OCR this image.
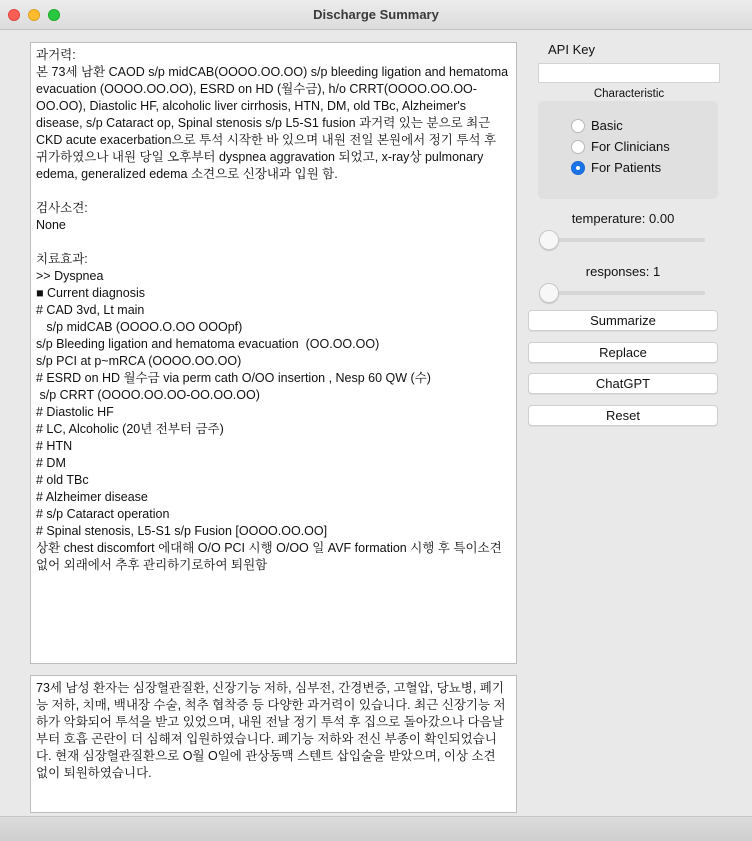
Discharge Summary
과거력:
본 73세 남환 CAOD s/p midCAB(OOOO.OO.OO) s/p bleeding ligation and hematoma evacuation (OOOO.OO.OO), ESRD on HD (월수금), h/o CRRT(OOOO.OO.OO-OO.OO), Diastolic HF, alcoholic liver cirrhosis, HTN, DM, old TBc, Alzheimer's disease, s/p Cataract op, Spinal stenosis s/p L5-S1 fusion 과거력 있는 분으로 최근 CKD acute exacerbation으로 투석 시작한 바 있으며 내원 전일 본원에서 정기 투석 후 귀가하였으나 내원 당일 오후부터 dyspnea aggravation 되었고, x-ray상 pulmonary edema, generalized edema 소견으로 신장내과 입원 함.

검사소견:
None

치료효과:
>> Dyspnea
■ Current diagnosis
# CAD 3vd, Lt main
s/p midCAB (OOOO.O.OO OOOpf)
s/p Bleeding ligation and hematoma evacuation  (OO.OO.OO)
s/p PCI at p~mRCA (OOOO.OO.OO)
# ESRD on HD 월수금 via perm cath O/OO insertion , Nesp 60 QW (수)
s/p CRRT (OOOO.OO.OO-OO.OO.OO)
# Diastolic HF
# LC, Alcoholic (20년 전부터 금주)
# HTN
# DM
# old TBc
# Alzheimer disease
# s/p Cataract operation
# Spinal stenosis, L5-S1 s/p Fusion [OOOO.OO.OO]
상환 chest discomfort 에대해 O/O PCI 시행 O/OO 일 AVF formation 시행 후 특이소견없어 외래에서 추후 관리하기로하여 퇴원함
73세 남성 환자는 심장혈관질환, 신장기능 저하, 심부전, 간경변증, 고혈압, 당뇨병, 폐기능 저하, 치매, 백내장 수술, 척추 협착증 등 다양한 과거력이 있습니다. 최근 신장기능 저하가 악화되어 투석을 받고 있었으며, 내원 전날 정기 투석 후 집으로 돌아갔으나 다음날부터 호흡 곤란이 더 심해져 입원하였습니다. 폐기능 저하와 전신 부종이 확인되었습니다. 현재 심장혈관질환으로 O월 O일에 관상동맥 스텐트 삽입술을 받았으며, 이상 소견 없이 퇴원하였습니다.
API Key
Characteristic
Basic
For Clinicians
For Patients
temperature: 0.00
responses: 1
Summarize
Replace
ChatGPT
Reset
